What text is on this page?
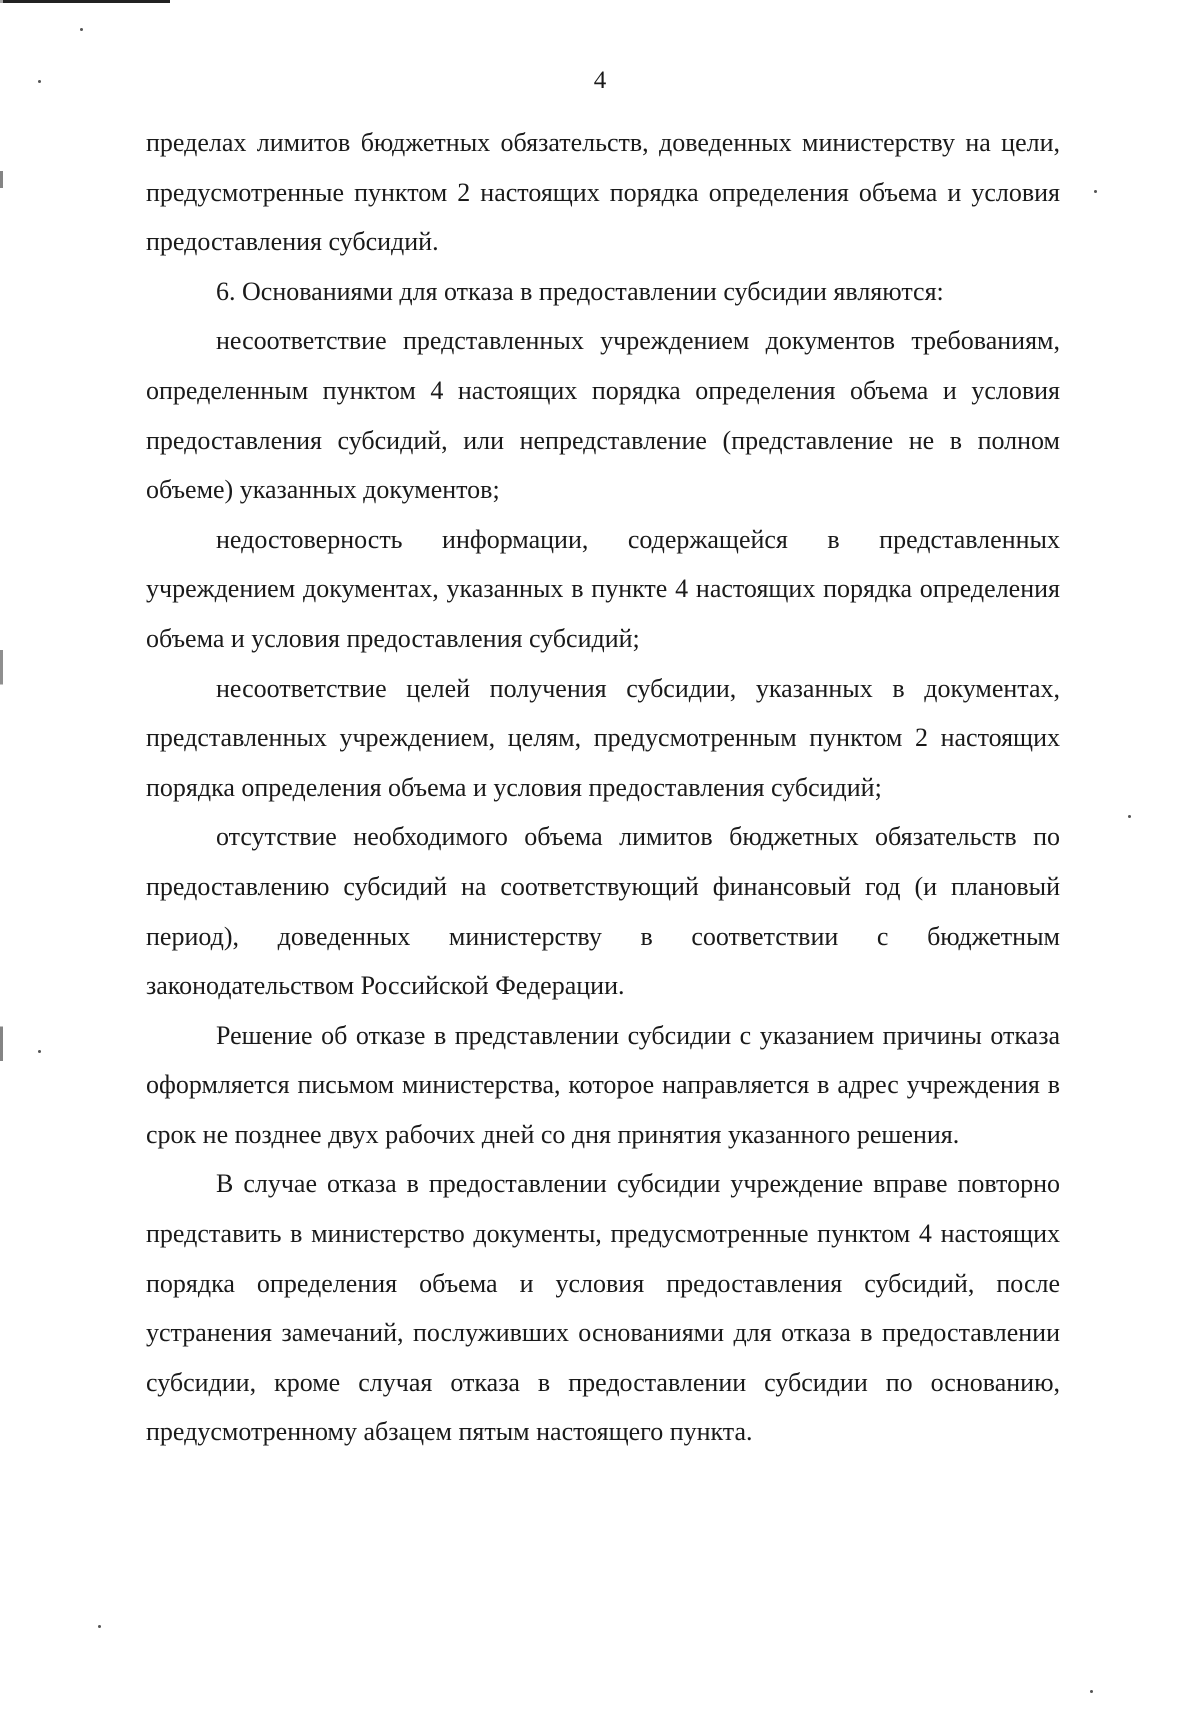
4

пределах лимитов бюджетных обязательств, доведенных министерству на цели, предусмотренные пунктом 2 настоящих порядка определения объема и условия предоставления субсидий.

6. Основаниями для отказа в предоставлении субсидии являются:

несоответствие представленных учреждением документов требованиям, определенным пунктом 4 настоящих порядка определения объема и условия предоставления субсидий, или непредставление (представление не в полном объеме) указанных документов;

недостоверность информации, содержащейся в представленных учреждением документах, указанных в пункте 4 настоящих порядка определения объема и условия предоставления субсидий;

несоответствие целей получения субсидии, указанных в документах, представленных учреждением, целям, предусмотренным пунктом 2 настоящих порядка определения объема и условия предоставления субсидий;

отсутствие необходимого объема лимитов бюджетных обязательств по предоставлению субсидий на соответствующий финансовый год (и плановый период), доведенных министерству в соответствии с бюджетным законодательством Российской Федерации.

Решение об отказе в представлении субсидии с указанием причины отказа оформляется письмом министерства, которое направляется в адрес учреждения в срок не позднее двух рабочих дней со дня принятия указанного решения.

В случае отказа в предоставлении субсидии учреждение вправе повторно представить в министерство документы, предусмотренные пунктом 4 настоящих порядка определения объема и условия предоставления субсидий, после устранения замечаний, послуживших основаниями для отказа в предоставлении субсидии, кроме случая отказа в предоставлении субсидии по основанию, предусмотренному абзацем пятым настоящего пункта.
